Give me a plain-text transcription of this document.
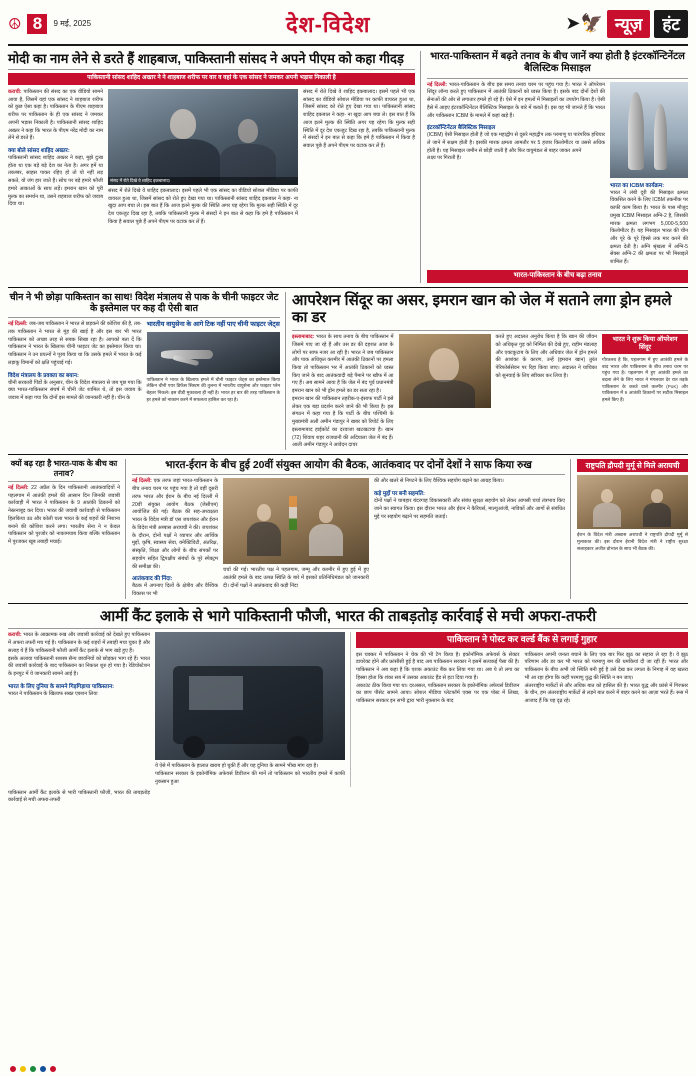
☮ 8	9 मई, 2025	देश-विदेश	➤🦅 न्यूज़	हंट
मोदी का नाम लेने से डरते हैं शाहबाज, पाकिस्तानी सांसद ने अपने पीएम को कहा गीदड़
पाकिस्तानी सांसद शाहिद अख्तर ने ने शाहबाज शरीफ पर वार व वहां के एक सांसद ने जमकर अपनी भड़ास निकाली है
कराची: पाकिस्तान की संसद का एक वीडियो सामने आया है, जिसमें वहां एक सांसद ने शाहबाज शरीफ को कुछ ऐसा कहा है। पाकिस्तान के पीएम शाहबाज शरीफ पर पाकिस्तान के ही एक सांसद ने जमकर अपनी भड़ास निकाली है। पाकिस्तानी सांसद शाहिद अख्तर ने कहा कि भारत के पीएम नरेंद्र मोदी का नाम लेने से डरते हैं।
क्या बोले सांसद शाहिद अख्तर:
पाकिस्तानी सांसद शाहिद अख्तर ने कहा, मुझे दुःख होता था एक बड़े बड़े देश का नेता है। अगर हमें था तकब्बर, साहस पाकर रहिए हो तो यो नहीं लड़ सकते, यो जंग हार जाते हैं। सोच पर बड़े हमारे फौजी हमारे आकाओं के साथ लड़ें। इमरान खान को पूरी मुल्क का समर्थन था, उसने शहबाज शरीफ को जवाब दिया था।
संसद में रोते दिखे वे शाहिद इकबालाद।
संसद में रोते दिखे वे शाहिद इकबालाद। इसमें पहले भी एक सांसद का वीडियो सोशल मीडिया पर काफी वायरल हुआ था, जिसमें सांसद को रोते हुए देखा गया था। पाकिस्तानी सांसद शाहिद इकबाल ने कहा- ना खुदा आप बचा ले। इस बात हैं कि आज इतने मुल्क की स्थिति अगर यह रहेगा कि मुल्क सही स्थिति में दूर देश एकजुट दिख रहा है, तबकि पाकिस्तानी मुल्क में संसदों ने इन बात से कहा कि हमे है पाकिस्तान में किया है सवाल पूछे हैं अपने पीएम पर वटाक कर लें हैं।
संसद में रोते दिखे वे शाहिद इकबालाद। इसमें पहले भी एक सांसद का वीडियो सोशल मीडिया पर काफी वायरल हुआ था, जिसमें सांसद को रोते हुए देखा गया था। पाकिस्तानी सांसद शाहिद इकबाल ने कहा- ना खुदा आप बचा ले। इस बात हैं कि आज इतने मुल्क की स्थिति अगर यह रहेगा कि मुल्क सही स्थिति में दूर देश एकजुट दिख रहा है, तबकि पाकिस्तानी मुल्क में संसदों ने इन बात से कहा कि हमे है पाकिस्तान में किया है सवाल पूछे हैं अपने पीएम पर वटाक कर लें हैं।
भारत-पाकिस्तान में बढ़ते तनाव के बीच जानें क्या होती है इंटरकॉन्टिनेंटल बैलिस्टिक मिसाइल
नई दिल्ली: भारत-पाकिस्तान के बीच इस समय तनाव चरम पर पहुंच गया है। भारत ने ऑपरेशन सिंदूर लॉन्च करते हुए पाकिस्तान में आतंकी ठिकानों को ध्वस्त किया है। इसके बाद दोनों देशों की सेनाओं की ओर से लगातार हमले हो रहे हैं। ऐसे में इन हमलों में मिसाइलों का उपयोग किया है। ऐसी हैसे में आइए इंटरकॉन्टिनेंटल बैलिस्टिक मिसाइल के बारे में बताते हैं। इस यह भी जानते हैं कि भारत और पाकिस्तान ICBM के मामले में कहां खड़े हैं।
इंटरकॉन्टिनेंटल बैलिस्टिक मिसाइल
(ICBM) ऐसी मिसाइल होती है जो एक महाद्वीप से दूसरे महाद्वीप तक परमाणु या पारंपरिक हथियार ले जाने में सक्षम होती है। इसकी मारक क्षमता आमतौर पर 5 हजार किलोमीटर या उससे अधिक होती है। यह मिसाइल जमीन से छोड़ी जाती है और फिर वायुमंडल से बाहर जाकर अपने
लक्ष्य पर गिराती है।
भारत का ICBM कार्यक्रम:
भारत ने लंबी दूरी की मिसाइल क्षमता विकसित करने के लिए ICBM तकनीक पर काफी काम किया है। भारत के पास मौजूद प्रमुख ICBM मिसाइल अग्नि-2 है, जिसकी मारक क्षमता लगभग 5,000-5,500 किलोमीटर है। यह मिसाइल भारत की चीन और पूरे के पूरे हिस्से तक मार करने की क्षमता देती है। अग्नि श्रृंखला में अग्नि-5 सेक्स अग्नि-2 की क्षमता पर भी मिसाइलें शामिल हैं।
भारत-पाकिस्तान के बीच बढ़ा तनाव
चीन ने भी छोड़ा पाकिस्तान का साथ! विदेश मंत्रालय से पाक के चीनी फाइटर जेट के इस्तेमाल पर कह दी ऐसी बात
नई दिल्ली: जब-जब पाकिस्तान ने भारत से छड़कने की कोशिश की है, तब-तक पाकिस्तान ने भारत से मुंह की खाई है और इस बार भी भारत पाकिस्तान को अच्छा तरह से सबक सिखा रहा है। आपको बता दें कि पाकिस्तान ने भारत के खिलाफ चीनी फाइटर जेट का इस्तेमाल किया था। पाकिस्तान ने उन प्रयत्नों ने पूरब किया था कि उसके हमले में भारत के कई लड़ाकू विमानों को क्षति पहुंचाई गई।
विदेश मंत्रालय के प्रवक्ता का बयान:
चीनी सरकारी पिंडों के अनुसार, चीन के विदेश मंत्रालय से जब पूछ गया कि क्या भारत-पाकिस्तान संघर्ष में चीनी जेट शामिल थे, तो इस जवाब के जवाब में कहा गया कि दोनों इस मामले की जानकारी नहीं है। चीन के
भारतीय वायुसेना के आगे टिक नहीं पाए चीनी फाइटर जेट्स
पाकिस्तान ने भारत के खिलाफ हमले में चीनी फाइटर जेट्स का इस्तेमाल किया लेकिन चीनी एयर डिफेंस सिस्टम की तुलना में भारतीय वायुसेना और फाइटर प्लेन बेहतर निकले। इस वीडी मुकाबला ही नहीं है। भारत हर बार की तरह पाकिस्तान के हर हमले को नाकाम करने में सफलता हासिल कर रहा है।
आपरेशन सिंदूर का असर, इमरान खान को जेल में सताने लगा ड्रोन हमले का डर
इस्लामाबाद: भारत के साथ तनाव के बीच पाकिस्तान में जिसमे पाए जा रहे हैं और उस डर की दहशत आज के लोगों पर साफ नजर आ रही है। भारत ने जब पाकिस्तान और पाक अधिकृत कश्मीर में आतंकी ठिकानों पर हमला किया तो पाकिस्तान भर में आतंकी ठिकानों को ध्वस्त किए जाने के बाद आतंकवादी बड़े पैमाने पर खौफ में आ गए हैं। अब सामने आया है कि जेल में बंद पूर्व प्रधानमंत्री इमरान खान को भी ड्रोन हमले का डर सता रहा है।
इमरान खान की पाकिस्तान तहरीक-ए-इंसाफ पार्टी ने इसे लेकर एक बड़ा प्रदर्शन करने जाने की भी किया है। इस संगठन में कहा गया है कि पार्टी के बीच पश्चिमी के मुख्यमंत्री अली अमीन गंडापुर ने खबर को रिपोर्ट के लिए इस्लामाबाद हाईकोर्ट का दरवाजा खटखटाया है। खान (72) शिवाय शहर राजधानी की अदियाला जेल में बंद हैं। आली अमीन गंडापुर ने आवेदन दायर
करते हुए अदालत अनुरोध किया है कि खान की जीवन को अधिकृत गुड़ को निर्मिता की देखे हुए, राहीम मंडलाह और एक्टकुटाब के लिए और अधिवार जेल में ड्रोन हमले की आशंका के कारण, उन्हें (इमरान खान) तुरंत पेरिफोर्ससेवन पर रिहा किया जाए। अदालत ने याचिका को सुनवाई के लिए स्वीकार कर लिया है।
भारत ने शुरू किया ऑपरेशन सिंदूर
गौरतलब है कि, पहलगाम में हुए आतंकी हमले के बाद भारत और पाकिस्तान के बीच तनाव चरम पर पहुंच गया है। पहलगाम में हुए आतंकी हमले का बदला लेने के लिए भारत ने मंगलवार देर रात तड़के पाकिस्तान के कब्जे वाले कश्मीर (PoK) और पाकिस्तान में 9 आतंकी ठिकानों पर सटीक मिसाइल हमले किए हैं।
क्यों बढ़ रहा है भारत-पाक के बीच का तनाव?
नई दिल्ली: 22 अप्रैल के दिन पाकिस्तानी आतंकवादियों ने पहलगाम में आतंकी हमले की आसान दिन जिनकी जवाबी कार्रवाही में भारत ने पाकिस्तान के 9 आतंकी ठिकानों को नेस्तनाबूद कर दिया। भारत की जवाबी कार्रवाही से पाकिस्तान हिलकिया उठ और कोली चला भारत के कई शहरों की निशाना बनाने की कोशिश करने लगा। भारतीय सेना ने न केवल पाकिस्तान को पुरजोर को नाकामयाब किया बल्कि पाकिस्तान में पुरजकर खूब तबाही मचाई।
भारत-ईरान के बीच हुई 20वीं संयुक्त आयोग की बैठक, आतंकवाद पर दोनों देशों ने साफ किया रुख
नई दिल्ली: एक तरफ जहां भारत-पाकिस्तान के बीच तनाव चरम पर पहुंच गया है तो वहीं दूसरी तरफ भारत और ईरान के बीच नई दिल्ली में 20वीं संयुक्त आयोग बैठक (जेसीएम) आयोजित की गई। बैठक की सह-अध्यक्षता भारत के विदेश मंत्री डॉ एस जयशंकर और ईरान के विदेश मंत्री अब्बास अराघची ने की। जयशंकर के दौरान, दोनों पक्षों ने व्यापार और आर्थिक मुद्दों, कृषि, स्वास्थ्य सेवा, क्नेक्टिविटी, अंतरिक्ष, संस्कृति, शिक्षा और लोगों के बीच संपर्कों पर सहयोग सहित द्विपक्षीय संबंधों के पूरे स्पेक्ट्रम की समीक्षा की।
आतंकवाद की निंदा:
बैठक में अपनाए दिलों के क्षेत्रीय और वैश्विक विकास पर भी
चर्चा की गई। भारतीय पक्ष ने पहलगाम, जम्मू और कश्मीर में हुए हुई में हुए आतंकी हमले के बाद उत्पन्न स्थिति के बारे में इसको प्रतिनिधिमंडल को जानकारी दी। दोनों पक्षों ने आतंकवाद की कड़ी निंदा
की और खतरे से निपटने के लिए वैश्विक सहयोग बढ़ाने का आग्रह किया।
कड़े मुद्दों पर बनी सहमति:
दोनों पक्षों ने चाबहार बंदरगाह विकासकारी और संबंध सुरक्षा सहयोग को लेकर आपसी चर्चा तंत्रभाव किए जाने का स्वागत किया। इस दौरान भारत और ईरान ने कैरियर्स, माल्युआंजी, नाविकों और आगों से संबंधित मुद्दे पर सहयोग बढ़ाने पर सहमति जताई।
राष्ट्रपति द्रौपदी मुर्मू से मिले अराघची
ईरान के विदेश मंत्री अब्बास अराघची ने राष्ट्रपति द्रौपदी मुर्मू से मुलाकात की। इस दौरान ईरानी विदेश मंत्री ने राष्ट्रीय सुरक्षा सलाहकार अजीत डोभाल के साथ भी बैठक की।
आर्मी कैंट इलाके से भागे पाकिस्तानी फौजी, भारत की ताबड़तोड़ कार्रवाई से मची अफरा-तफरी
कराची: भारत के आक्रामक रुख और जवाबी कार्रवाई को देखते हुए पाकिस्तान में अफरा तफरी मच गई है। पाकिस्तान के कई शहरों में तबाही मचा चुका है और सलाह ये हैं कि पाकिस्तानी फौजी आर्मी कैंट इलाके से भाग खड़े हुए हैं।
इसके अलावा पाकिस्तानी सशस्त्र सैन्य छावनियों को छोड़कर भाग रहे हैं। भारत की जवाबी कार्रवाई के बाद पाकिस्तान का निकाल शुरु हो गया है। रेडियोस्टेशन के इनपुट में ये जानकारी सामने आई है।
भारत के लिए दुनिया के सामने गिड़गिड़ाया पाकिस्तान:
भारत ने पाकिस्तान के खिलाफ सख्त एक्शन लिया
ये ऐसे में पाकिस्तान के हालात खराब हो चुकी हैं और यह दुनिया के सामने भीख मांग रहा है।
पाकिस्तान सरकार के इकोनॉमिक अफेयर्स डिवीजन की मानें तो पाकिस्तान को भारतीय हमले में काफी नुकसान हुआ
पाकिस्तान ने पोस्ट कर वर्ल्ड बैंक से लगाई गुहार
इस चक्कर में पाकिस्तान ने चेक की भी टैग किया है। इकोनॉमिक अफेयर्स के सेक्टर डायरेक्ट होने और फ्रांसीसी हुई है बाद अब पाकिस्तान सरकार ने इसमें सत्यकई पैसा की है। पाकिस्तान ने अब कहा है कि एशक अकाउंट बैंक कर लिया गया था। अब ये तो लगा का हिस्सा होता कि शंका सब में उसका अकाउंट हैंड से हटा दिया गया है।
अकाउंट ठीक किया गया था। दरअसल, पाकिस्तान सरकार के इकोनॉमिक अफेयर्स डिवीजन का छाप पीसेट सामने आया। सोशल मीडिया प्लेटफॉर्म एक्स पर एक पोस्ट में लिखा, पाकिस्तान सरकार इन सभी द्वारा भारी नुकसान के बाद
पाकिस्तान अपनी जनता बचाने के लिए एक बार फिर झुठ का सहारा ले रहा है। ये झूठ परिणाम और डर कर भी भारत को परमाणु बम की धमकियां दी जा रही हैं। भारत और पाकिस्तान के बीच अभी जो स्थिति बनी हुई है उसे देख कर लगता के निगाह में यह खतरा भी आ रहा होगा कि कहीं परमाणु युद्ध की स्थिति न बन जाए।
अंतरराष्ट्रीय मार्केटों से और अधिक बात को हासिल की है। भारत युद्ध और फ्रांसे में गिरफ्तर के चीन, हम अंतरराष्ट्रीय मार्केटों से लड़ने बात करने में बाहर करने का आज़ा भरते हैं। रूस में आजाद हैं कि यह दृढ़ रहे।
पाकिस्तान आर्मी कैंट इलाके से भारी पाकिस्तानी फौजी, भारत की ताबड़तोड़ कार्रवाई से मची अफरा-तफरी
